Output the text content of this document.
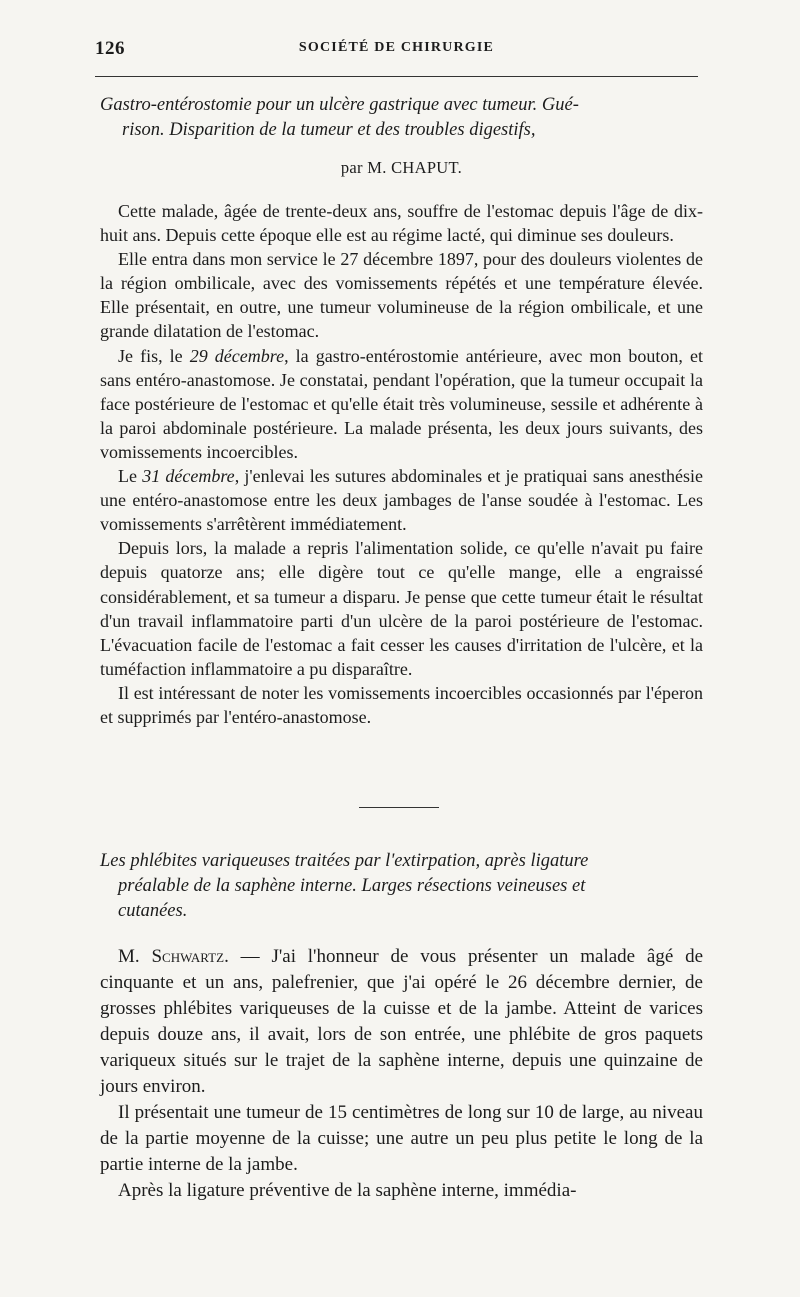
126	SOCIÉTÉ DE CHIRURGIE

Gastro-entérostomie pour un ulcère gastrique avec tumeur. Gué-
rison. Disparition de la tumeur et des troubles digestifs,

par M. CHAPUT.

Cette malade, âgée de trente-deux ans, souffre de l'estomac depuis l'âge de dix-huit ans. Depuis cette époque elle est au régime lacté, qui diminue ses douleurs.

Elle entra dans mon service le 27 décembre 1897, pour des douleurs violentes de la région ombilicale, avec des vomissements répétés et une température élevée. Elle présentait, en outre, une tumeur volumineuse de la région ombilicale, et une grande dilatation de l'estomac.

Je fis, le 29 décembre, la gastro-entérostomie antérieure, avec mon bouton, et sans entéro-anastomose. Je constatai, pendant l'opération, que la tumeur occupait la face postérieure de l'estomac et qu'elle était très volumineuse, sessile et adhérente à la paroi abdominale postérieure. La malade présenta, les deux jours suivants, des vomissements incoercibles.

Le 31 décembre, j'enlevai les sutures abdominales et je pratiquai sans anesthésie une entéro-anastomose entre les deux jambages de l'anse soudée à l'estomac. Les vomissements s'arrêtèrent immédiatement.

Depuis lors, la malade a repris l'alimentation solide, ce qu'elle n'avait pu faire depuis quatorze ans; elle digère tout ce qu'elle mange, elle a engraissé considérablement, et sa tumeur a disparu. Je pense que cette tumeur était le résultat d'un travail inflammatoire parti d'un ulcère de la paroi postérieure de l'estomac. L'évacuation facile de l'estomac a fait cesser les causes d'irritation de l'ulcère, et la tuméfaction inflammatoire a pu disparaître.

Il est intéressant de noter les vomissements incoercibles occasionnés par l'éperon et supprimés par l'entéro-anastomose.

Les phlébites variqueuses traitées par l'extirpation, après ligature
préalable de la saphène interne. Larges résections veineuses et
cutanées.

M. Schwartz. — J'ai l'honneur de vous présenter un malade âgé de cinquante et un ans, palefrenier, que j'ai opéré le 26 décembre dernier, de grosses phlébites variqueuses de la cuisse et de la jambe. Atteint de varices depuis douze ans, il avait, lors de son entrée, une phlébite de gros paquets variqueux situés sur le trajet de la saphène interne, depuis une quinzaine de jours environ.

Il présentait une tumeur de 15 centimètres de long sur 10 de large, au niveau de la partie moyenne de la cuisse; une autre un peu plus petite le long de la partie interne de la jambe.

Après la ligature préventive de la saphène interne, immédia-
